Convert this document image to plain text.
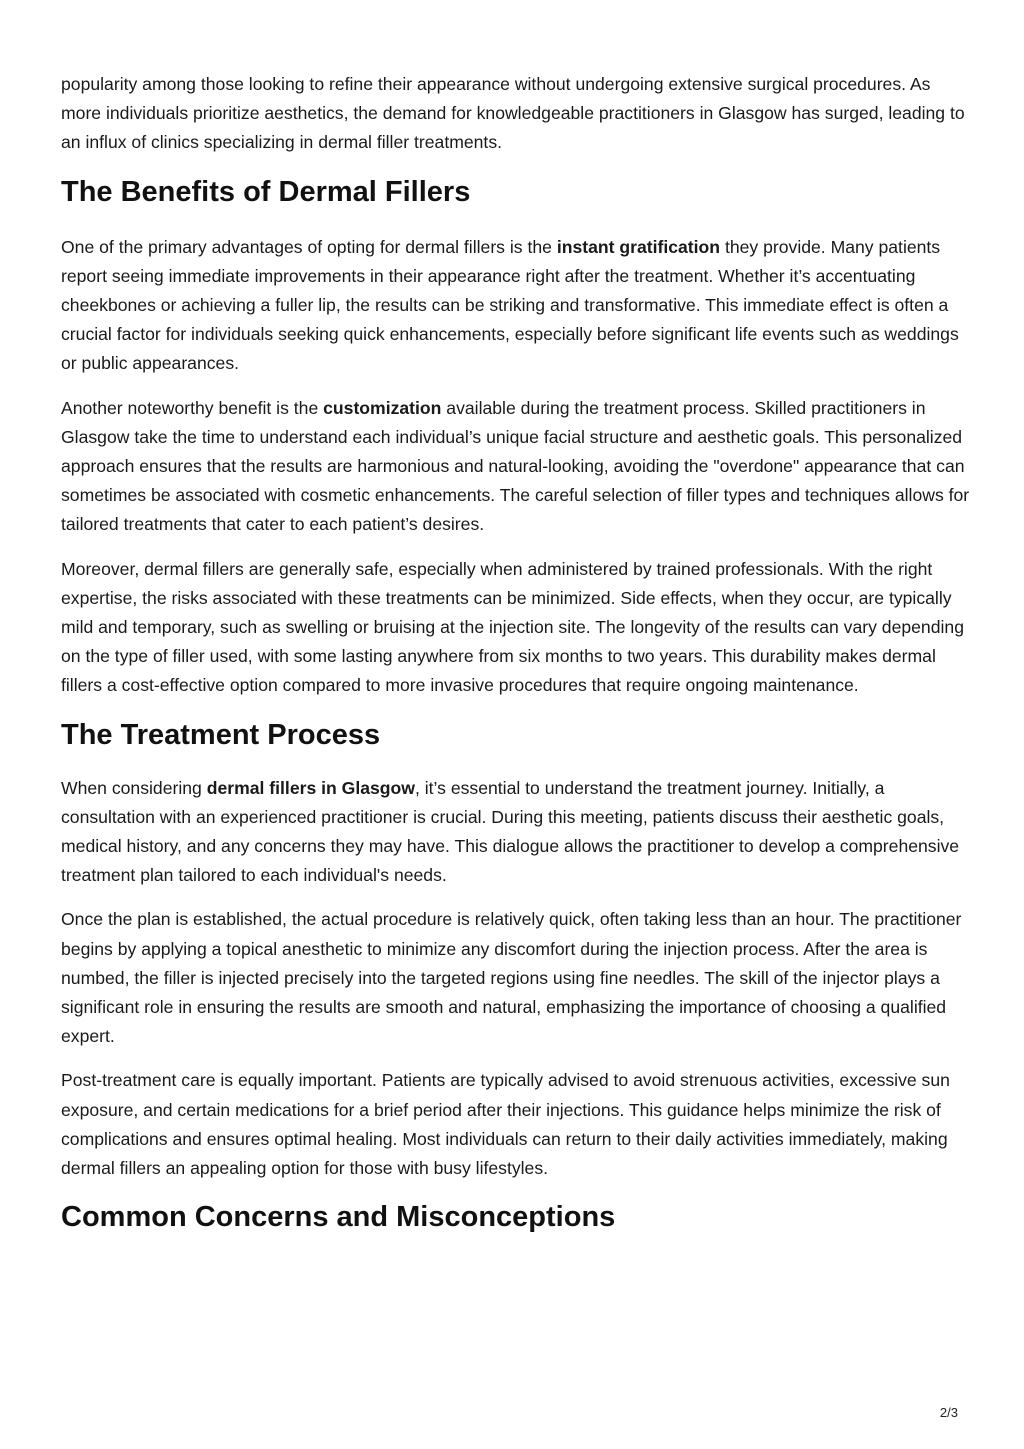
popularity among those looking to refine their appearance without undergoing extensive surgical procedures. As more individuals prioritize aesthetics, the demand for knowledgeable practitioners in Glasgow has surged, leading to an influx of clinics specializing in dermal filler treatments.

The Benefits of Dermal Fillers

One of the primary advantages of opting for dermal fillers is the instant gratification they provide. Many patients report seeing immediate improvements in their appearance right after the treatment. Whether it’s accentuating cheekbones or achieving a fuller lip, the results can be striking and transformative. This immediate effect is often a crucial factor for individuals seeking quick enhancements, especially before significant life events such as weddings or public appearances.

Another noteworthy benefit is the customization available during the treatment process. Skilled practitioners in Glasgow take the time to understand each individual’s unique facial structure and aesthetic goals. This personalized approach ensures that the results are harmonious and natural-looking, avoiding the "overdone" appearance that can sometimes be associated with cosmetic enhancements. The careful selection of filler types and techniques allows for tailored treatments that cater to each patient’s desires.

Moreover, dermal fillers are generally safe, especially when administered by trained professionals. With the right expertise, the risks associated with these treatments can be minimized. Side effects, when they occur, are typically mild and temporary, such as swelling or bruising at the injection site. The longevity of the results can vary depending on the type of filler used, with some lasting anywhere from six months to two years. This durability makes dermal fillers a cost-effective option compared to more invasive procedures that require ongoing maintenance.

The Treatment Process

When considering dermal fillers in Glasgow, it’s essential to understand the treatment journey. Initially, a consultation with an experienced practitioner is crucial. During this meeting, patients discuss their aesthetic goals, medical history, and any concerns they may have. This dialogue allows the practitioner to develop a comprehensive treatment plan tailored to each individual's needs.

Once the plan is established, the actual procedure is relatively quick, often taking less than an hour. The practitioner begins by applying a topical anesthetic to minimize any discomfort during the injection process. After the area is numbed, the filler is injected precisely into the targeted regions using fine needles. The skill of the injector plays a significant role in ensuring the results are smooth and natural, emphasizing the importance of choosing a qualified expert.

Post-treatment care is equally important. Patients are typically advised to avoid strenuous activities, excessive sun exposure, and certain medications for a brief period after their injections. This guidance helps minimize the risk of complications and ensures optimal healing. Most individuals can return to their daily activities immediately, making dermal fillers an appealing option for those with busy lifestyles.

Common Concerns and Misconceptions
2/3
